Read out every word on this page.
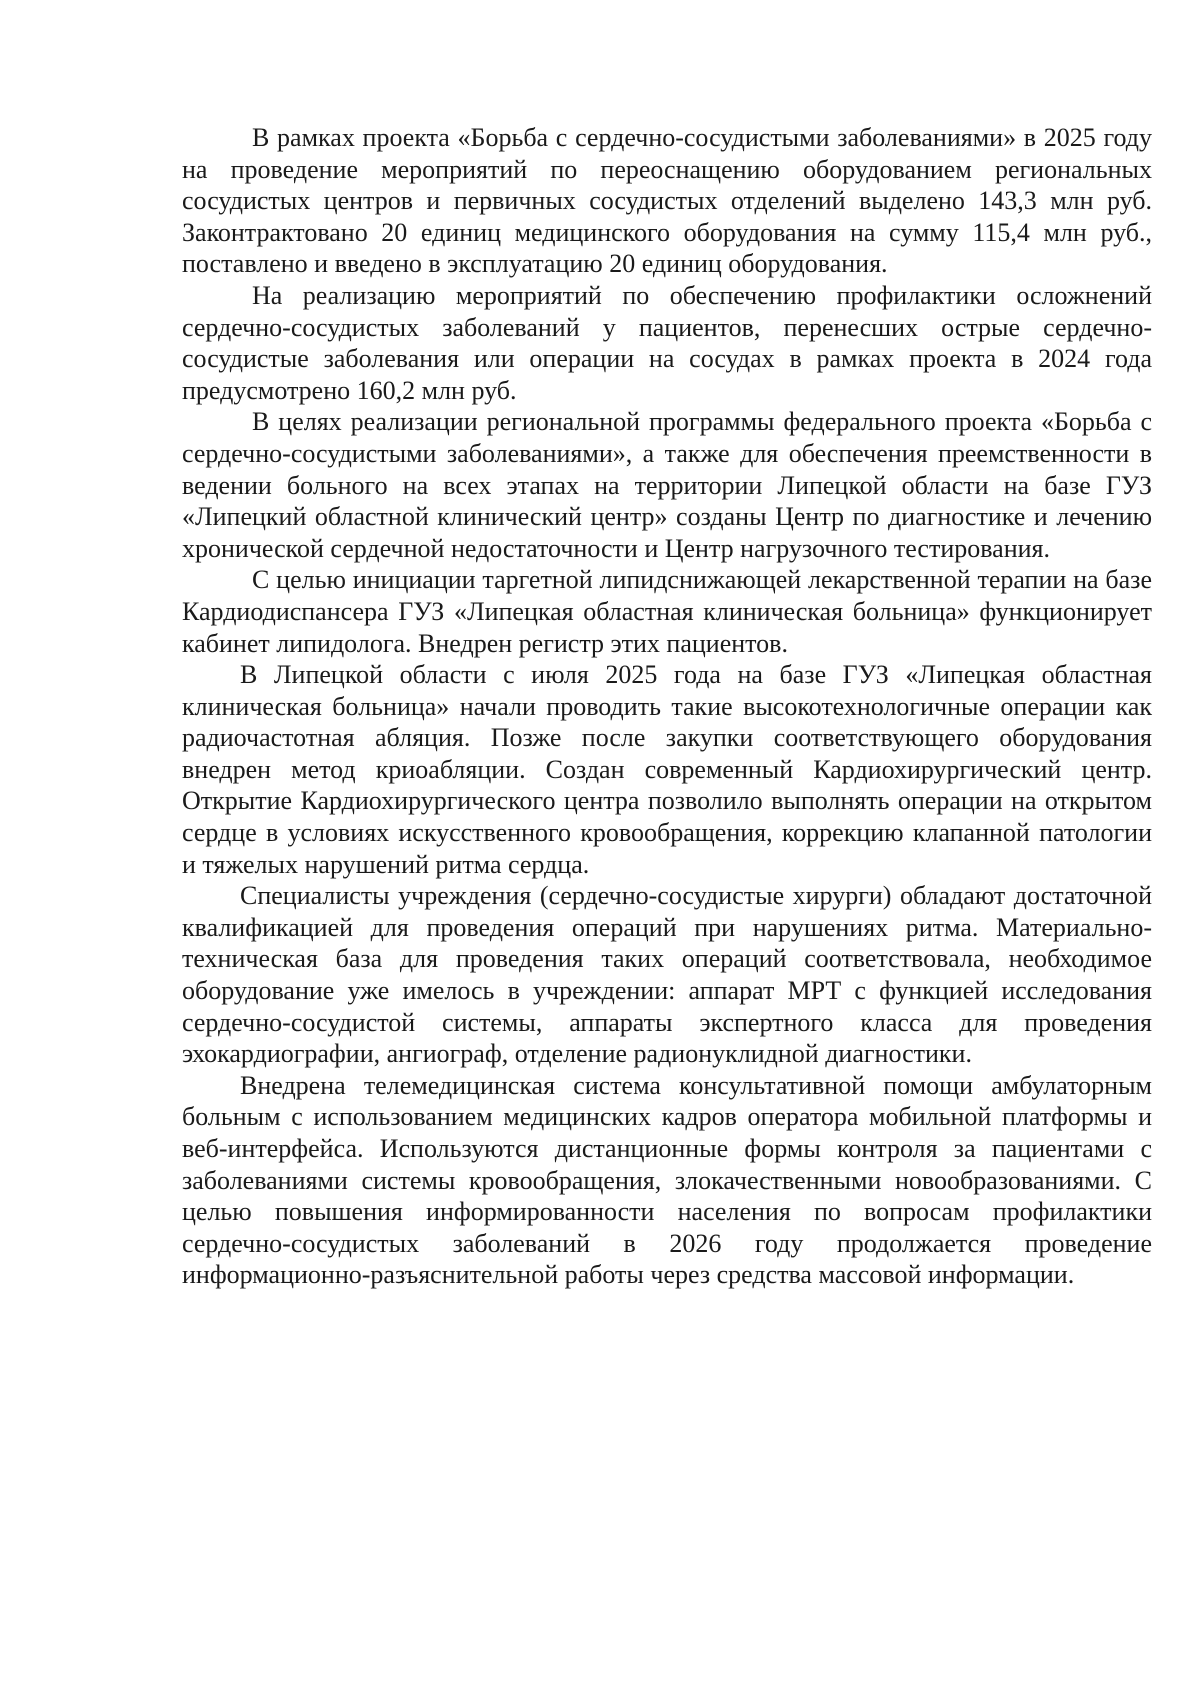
В рамках проекта «Борьба с сердечно-сосудистыми заболеваниями» в 2025 году на проведение мероприятий по переоснащению оборудованием региональных сосудистых центров и первичных сосудистых отделений выделено 143,3 млн руб. Законтрактовано 20 единиц медицинского оборудования на сумму 115,4 млн руб., поставлено и введено в эксплуатацию 20 единиц оборудования.

На реализацию мероприятий по обеспечению профилактики осложнений сердечно-сосудистых заболеваний у пациентов, перенесших острые сердечно-сосудистые заболевания или операции на сосудах в рамках проекта в 2024 года предусмотрено 160,2 млн руб.

В целях реализации региональной программы федерального проекта «Борьба с сердечно-сосудистыми заболеваниями», а также для обеспечения преемственности в ведении больного на всех этапах на территории Липецкой области на базе ГУЗ «Липецкий областной клинический центр» созданы Центр по диагностике и лечению хронической сердечной недостаточности и Центр нагрузочного тестирования.

С целью инициации таргетной липидснижающей лекарственной терапии на базе Кардиодиспансера ГУЗ «Липецкая областная клиническая больница» функционирует кабинет липидолога. Внедрен регистр этих пациентов.

В Липецкой области с июля 2025 года на базе ГУЗ «Липецкая областная клиническая больница» начали проводить такие высокотехнологичные операции как радиочастотная абляция. Позже после закупки соответствующего оборудования внедрен метод криоабляции. Создан современный Кардиохирургический центр. Открытие Кардиохирургического центра позволило выполнять операции на открытом сердце в условиях искусственного кровообращения, коррекцию клапанной патологии и тяжелых нарушений ритма сердца.

Специалисты учреждения (сердечно-сосудистые хирурги) обладают достаточной квалификацией для проведения операций при нарушениях ритма. Материально-техническая база для проведения таких операций соответствовала, необходимое оборудование уже имелось в учреждении: аппарат МРТ с функцией исследования сердечно-сосудистой системы, аппараты экспертного класса для проведения эхокардиографии, ангиограф, отделение радионуклидной диагностики.

Внедрена телемедицинская система консультативной помощи амбулаторным больным с использованием медицинских кадров оператора мобильной платформы и веб-интерфейса. Используются дистанционные формы контроля за пациентами с заболеваниями системы кровообращения, злокачественными новообразованиями. С целью повышения информированности населения по вопросам профилактики сердечно-сосудистых заболеваний в 2026 году продолжается проведение информационно-разъяснительной работы через средства массовой информации.
